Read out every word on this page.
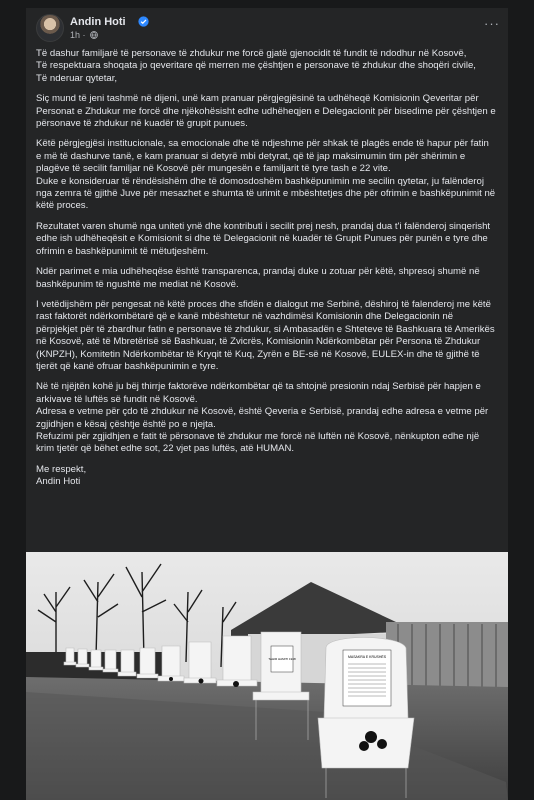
Andin Hoti
1h ·
···

Të dashur familjarë të personave të zhdukur me forcë gjatë gjenocidit të fundit të ndodhur në Kosovë,
Të respektuara shoqata jo qeveritare që merren me çështjen e personave të zhdukur dhe shoqëri civile,
Të nderuar qytetar,

Siç mund të jeni tashmë në dijeni, unë kam pranuar përgjegjësinë ta udhëheqë Komisionin Qeveritar për Personat e Zhdukur me forcë dhe njëkohësisht edhe udhëheqjen e Delegacionit për bisedime për çështjen e përsonave të zhdukur në kuadër të grupit punues.

Këtë përgjegjësi institucionale, sa emocionale dhe të ndjeshme për shkak të plagës ende të hapur për fatin e më të dashurve tanë, e kam pranuar si detyrë mbi detyrat, që të jap maksimumin tim për shërimin e plagëve të secilit familjar në Kosovë për mungesën e familjarit të tyre tash e 22 vite.
Duke e konsideruar të rëndësishëm dhe të domosdoshëm bashkëpunimin me secilin qytetar, ju falënderoj nga zemra të gjithë Juve për mesazhet e shumta të urimit e mbështetjes dhe për ofrimin e bashkëpunimit në këtë proces.

Rezultatet varen shumë nga uniteti ynë dhe kontributi i secilit prej nesh, prandaj dua t'i falënderoj sinqerisht edhe ish udhëheqësit e Komisionit si dhe të Delegacionit në kuadër të Grupit Punues për punën e tyre dhe ofrimin e bashkëpunimit të mëtutjeshëm.

Ndër parimet e mia udhëheqëse është transparenca, prandaj duke u zotuar për këtë, shpresoj shumë në bashkëpunim të ngushtë me mediat në Kosovë.

I vetëdijshëm për pengesat në këtë proces dhe sfidën e dialogut me Serbinë, dëshiroj të falenderoj me këtë rast faktorët ndërkombëtarë që e kanë mbështetur në vazhdimësi Komisionin dhe Delegacionin në përpjekjet për të zbardhur fatin e personave të zhdukur, si Ambasadën e Shteteve të Bashkuara të Amerikës në Kosovë, atë të Mbretërisë së Bashkuar, të Zvicrës, Komisionin Ndërkombëtar për Persona të Zhdukur (KNPZH), Komitetin Ndërkombëtar të Kryqit të Kuq, Zyrën e BE-së në Kosovë, EULEX-in dhe të gjithë të tjerët që kanë ofruar bashkëpunimin e tyre.

Në të njëjtën kohë ju bëj thirrje faktorëve ndërkombëtar që ta shtojnë presionin ndaj Serbisë për hapjen e arkivave të luftës së fundit në Kosovë.
Adresa e vetme për çdo të zhdukur në Kosovë, është Qeveria e Serbisë, prandaj edhe adresa e vetme për zgjidhjen e kësaj çështje është po e njejta.
Refuzimi për zgjidhjen e fatit të përsonave të zhdukur me forcë në luftën në Kosovë, nënkupton edhe një krim tjetër që bëhet edhe sot, 22 vjet pas luftës, atë HUMAN.

Me respekt,
Andin Hoti

TAHIR HAMITI 1948	MASAKRA E KRUSHËS
